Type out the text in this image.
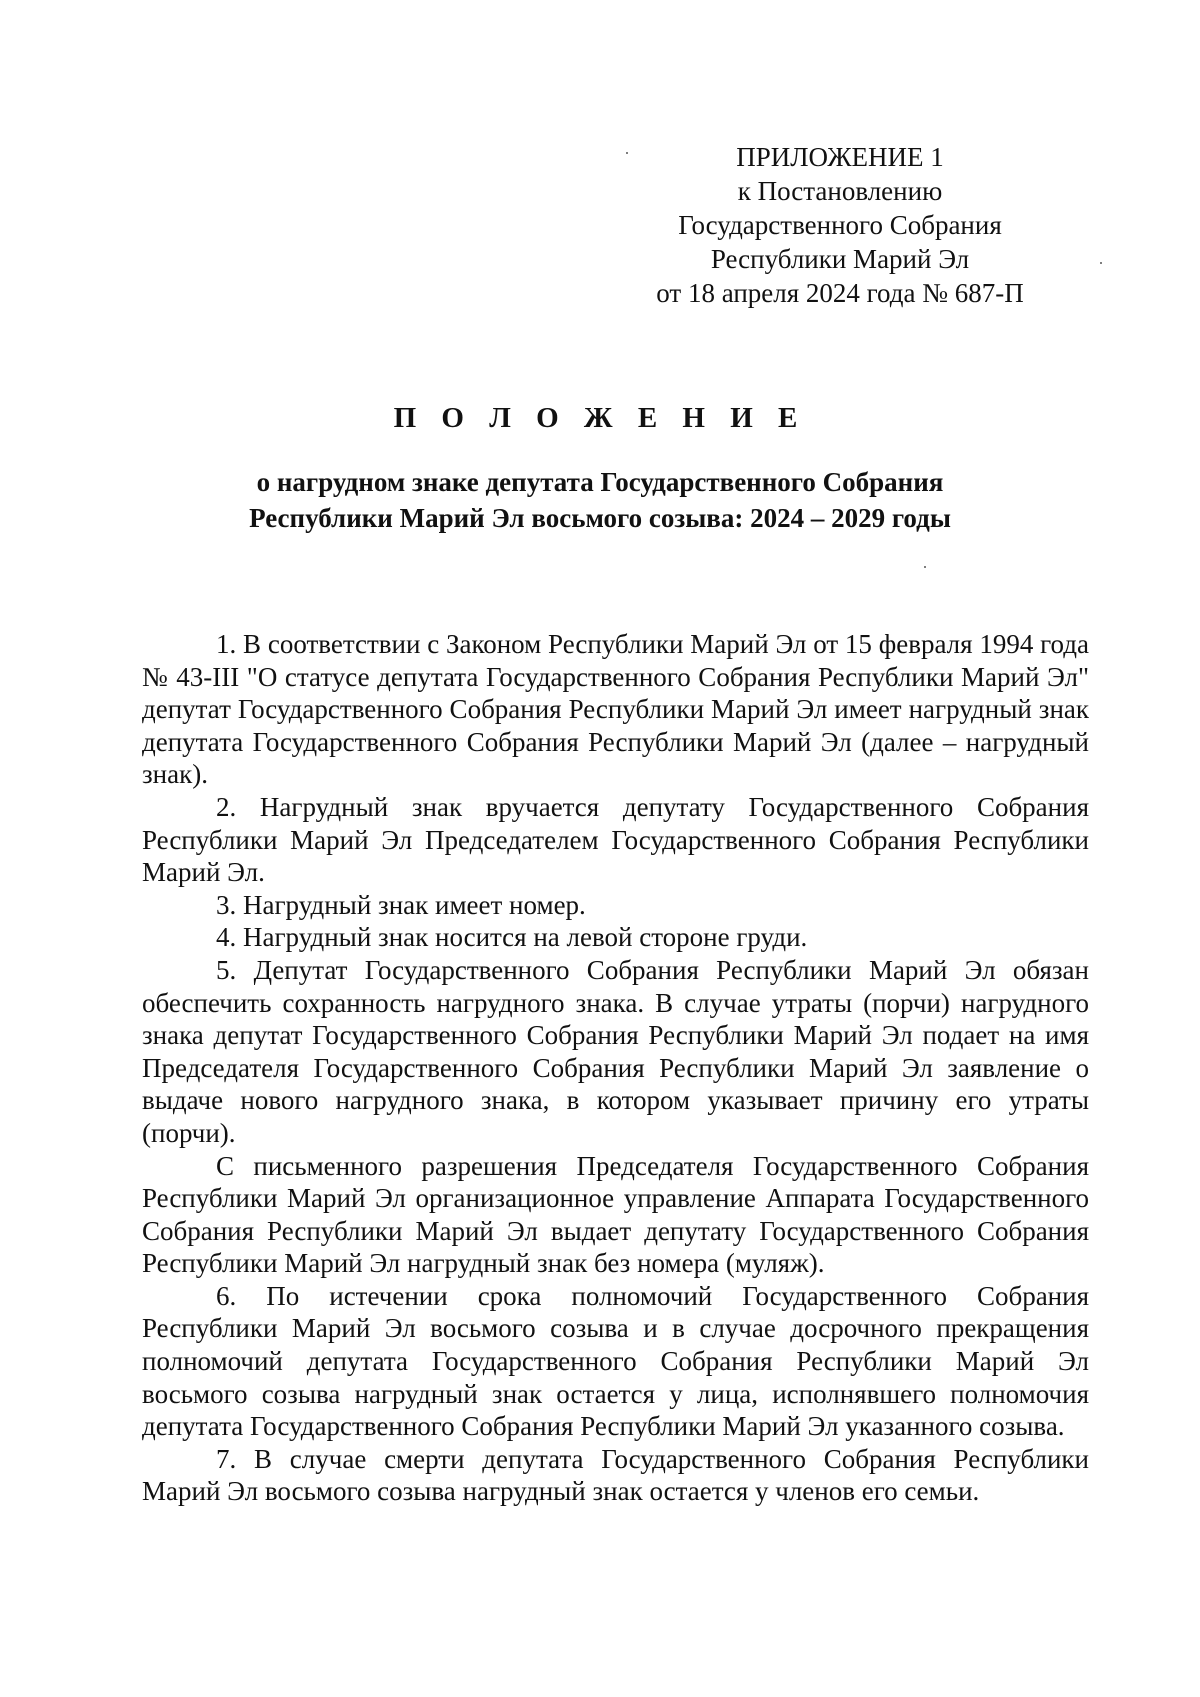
ПРИЛОЖЕНИЕ 1
к Постановлению
Государственного Собрания
Республики Марий Эл
от 18 апреля 2024 года № 687-П
П О Л О Ж Е Н И Е
о нагрудном знаке депутата Государственного Собрания
Республики Марий Эл восьмого созыва: 2024 – 2029 годы

1. В соответствии с Законом Республики Марий Эл от 15 февраля 1994 года № 43-III "О статусе депутата Государственного Собрания Республики Марий Эл" депутат Государственного Собрания Республики Марий Эл имеет нагрудный знак депутата Государственного Собрания Республики Марий Эл (далее – нагрудный знак).

2. Нагрудный знак вручается депутату Государственного Собрания Республики Марий Эл Председателем Государственного Собрания Республики Марий Эл.

3. Нагрудный знак имеет номер.

4. Нагрудный знак носится на левой стороне груди.

5. Депутат Государственного Собрания Республики Марий Эл обязан обеспечить сохранность нагрудного знака. В случае утраты (порчи) нагрудного знака депутат Государственного Собрания Республики Марий Эл подает на имя Председателя Государственного Собрания Республики Марий Эл заявление о выдаче нового нагрудного знака, в котором указывает причину его утраты (порчи).

С письменного разрешения Председателя Государственного Собрания Республики Марий Эл организационное управление Аппарата Государственного Собрания Республики Марий Эл выдает депутату Государственного Собрания Республики Марий Эл нагрудный знак без номера (муляж).

6. По истечении срока полномочий Государственного Собрания Республики Марий Эл восьмого созыва и в случае досрочного прекращения полномочий депутата Государственного Собрания Республики Марий Эл восьмого созыва нагрудный знак остается у лица, исполнявшего полномочия депутата Государственного Собрания Республики Марий Эл указанного созыва.

7. В случае смерти депутата Государственного Собрания Республики Марий Эл восьмого созыва нагрудный знак остается у членов его семьи.
